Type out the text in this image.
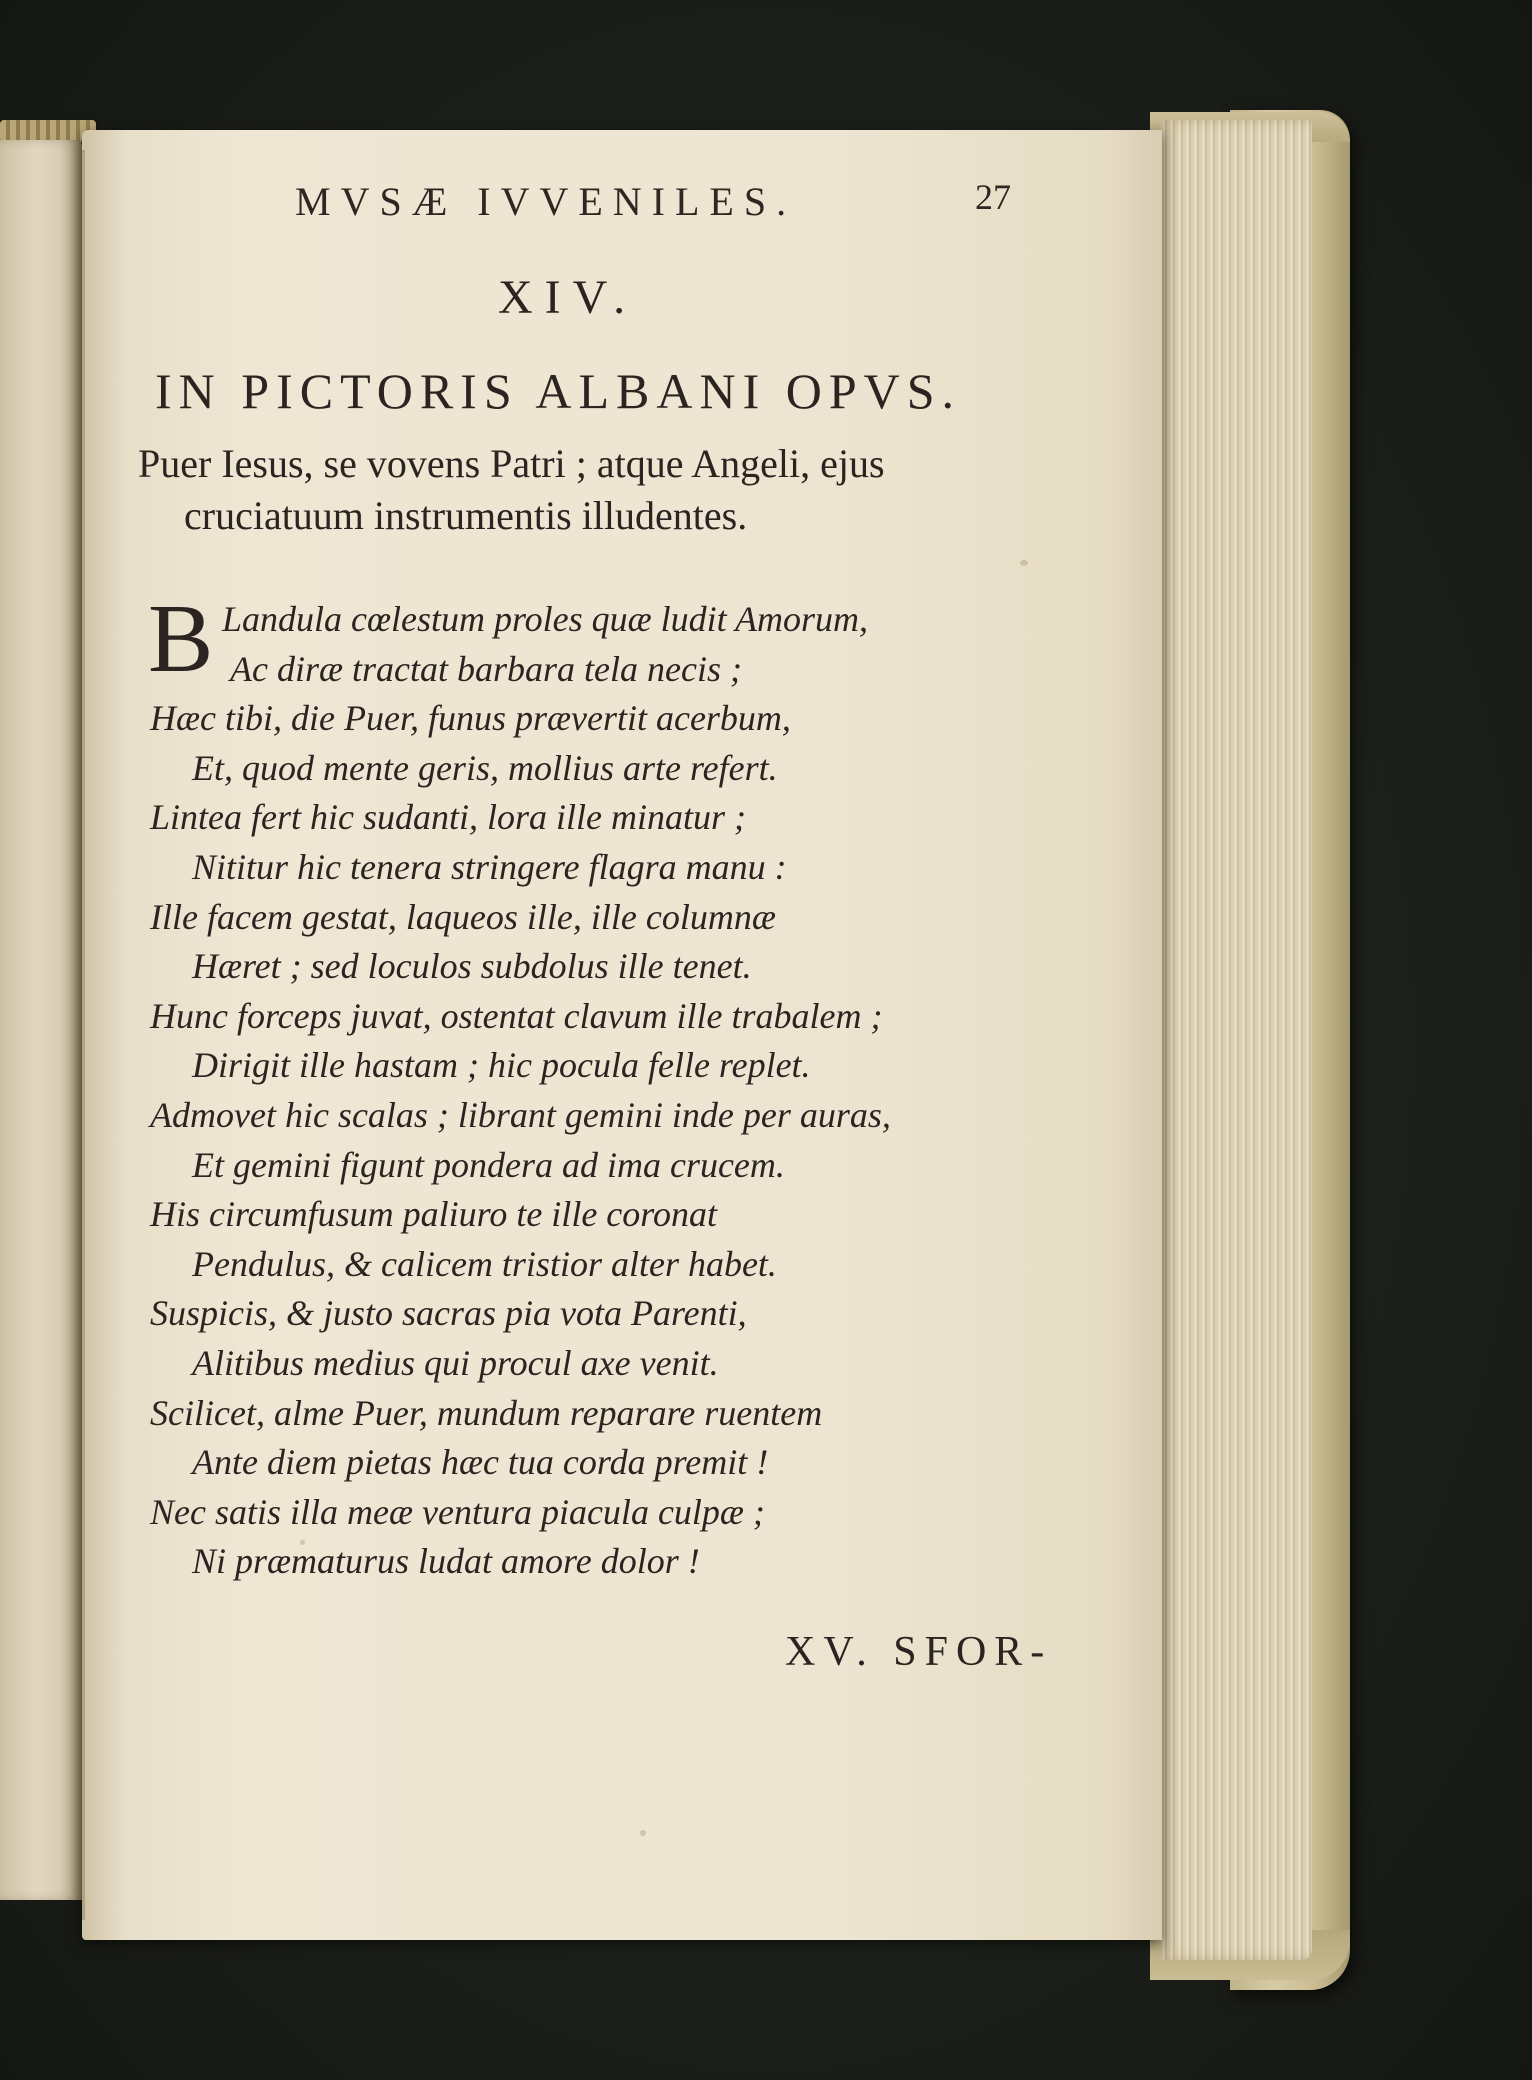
MVSÆ IVVENILES.	27
XIV.
IN PICTORIS ALBANI OPVS.
Puer Iesus, se vovens Patri ; atque Angeli, ejus
cruciatuum instrumentis illudentes.
B Landula cœlestum proles quæ ludit Amorum,
Ac diræ tractat barbara tela necis ;
Hæc tibi, die Puer, funus prævertit acerbum,
Et, quod mente geris, mollius arte refert.
Lintea fert hic sudanti, lora ille minatur ;
Nititur hic tenera stringere flagra manu :
Ille facem gestat, laqueos ille, ille columnæ
Hæret ; sed loculos subdolus ille tenet.
Hunc forceps juvat, ostentat clavum ille trabalem ;
Dirigit ille hastam ; hic pocula felle replet.
Admovet hic scalas ; librant gemini inde per auras,
Et gemini figunt pondera ad ima crucem.
His circumfusum paliuro te ille coronat
Pendulus, & calicem tristior alter habet.
Suspicis, & justo sacras pia vota Parenti,
Alitibus medius qui procul axe venit.
Scilicet, alme Puer, mundum reparare ruentem
Ante diem pietas hæc tua corda premit !
Nec satis illa meæ ventura piacula culpæ ;
Ni præmaturus ludat amore dolor !
XV. SFOR-
